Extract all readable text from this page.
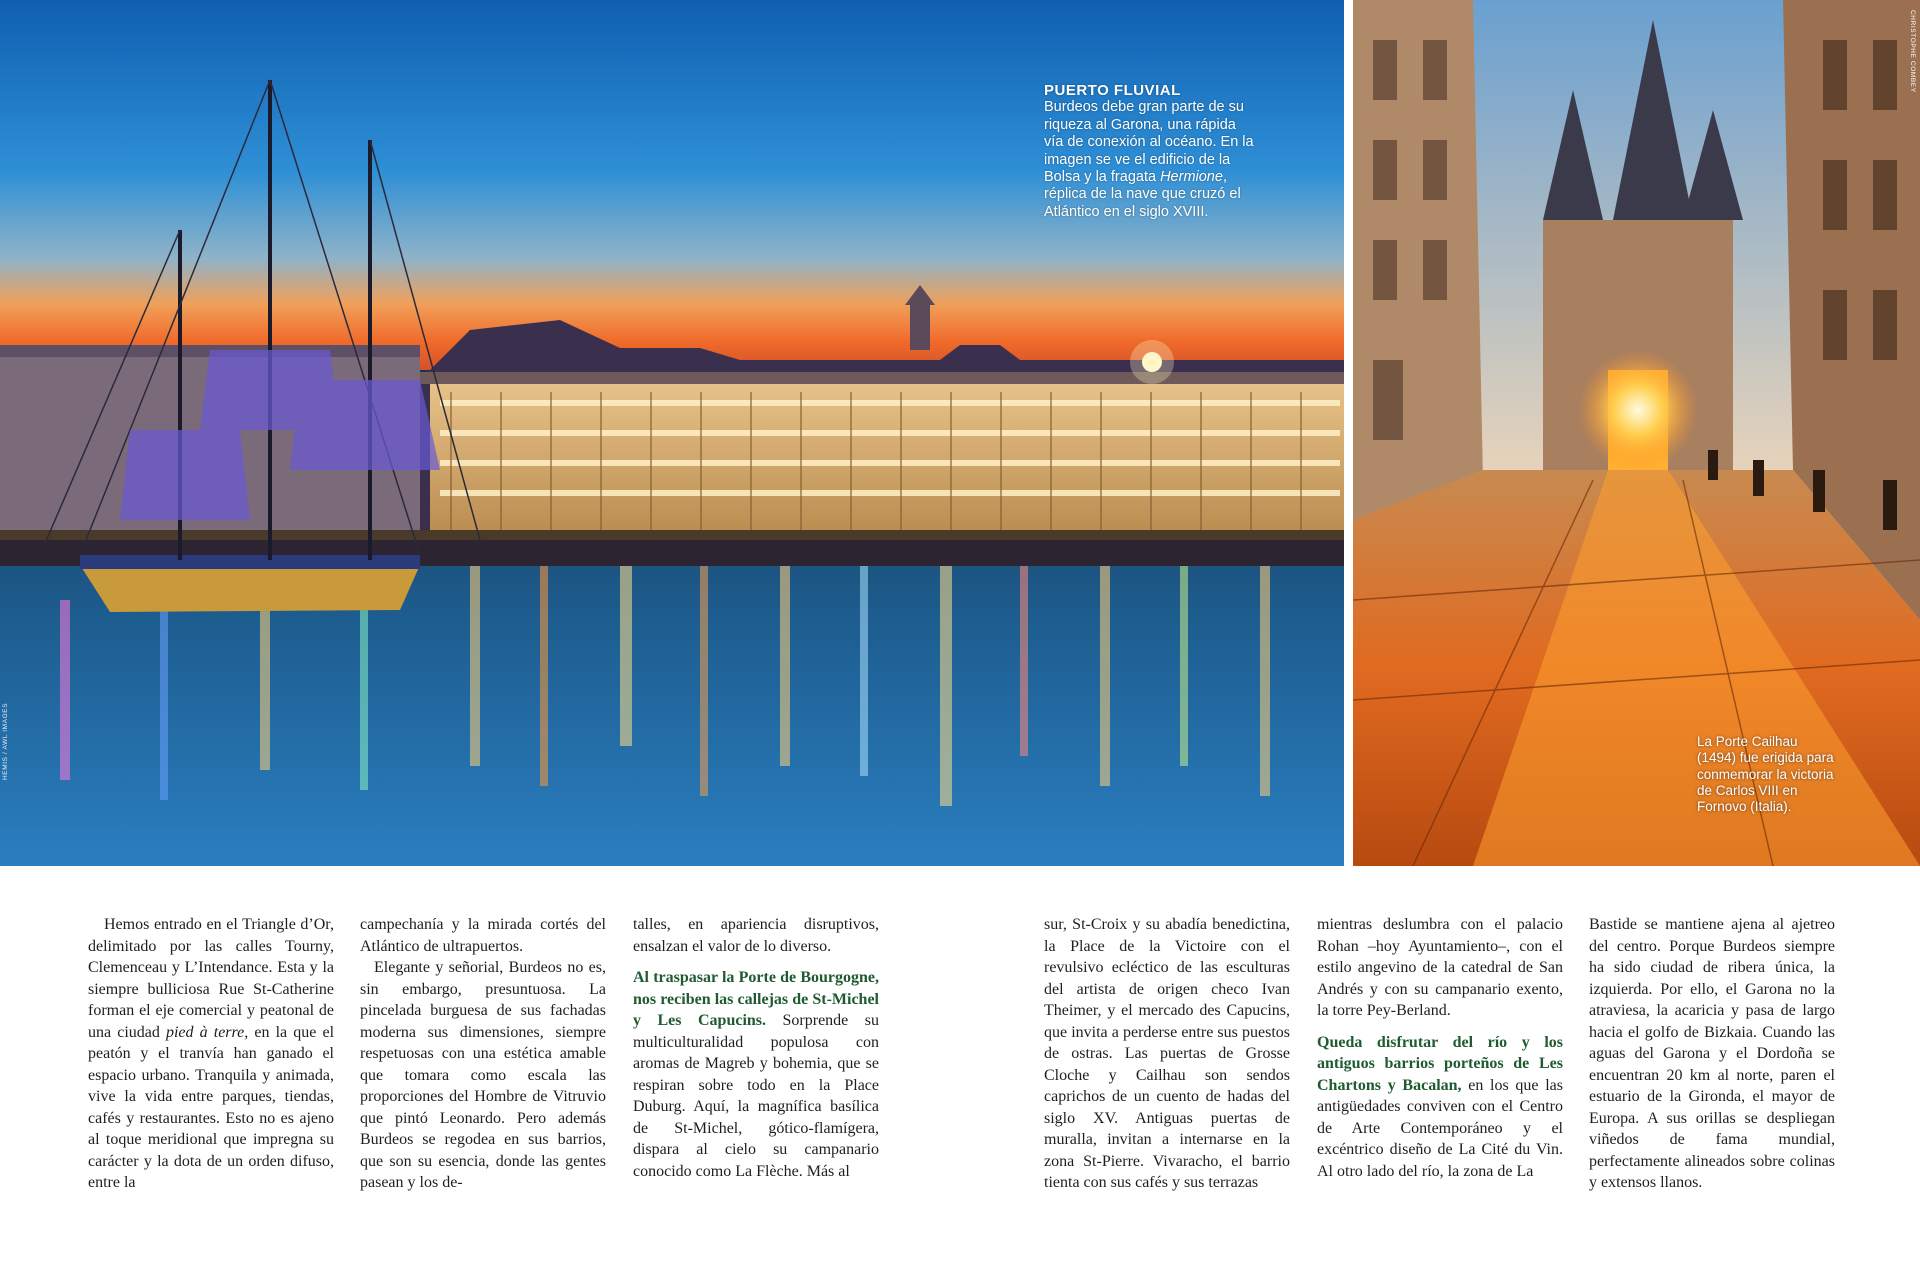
PUERTO FLUVIAL
Burdeos debe gran parte de su riqueza al Garona, una rápida vía de conexión al océano. En la imagen se ve el edificio de la Bolsa y la fragata Hermione, réplica de la nave que cruzó el Atlántico en el siglo XVIII.
HEMIS / AWL IMAGES	La Porte Cailhau (1494) fue erigida para conmemorar la victoria de Carlos VIII en Fornovo (Italia).
CHRISTOPHE COMBEY

Hemos entrado en el Triangle d’Or, delimitado por las calles Tourny, Clemenceau y L’Intendance. Esta y la siempre bulliciosa Rue St-Catherine forman el eje comercial y peatonal de una ciudad pied à terre, en la que el peatón y el tranvía han ganado el espacio urbano. Tranquila y animada, vive la vida entre parques, tiendas, cafés y restaurantes. Esto no es ajeno al toque meridional que impregna su carácter y la dota de un orden difuso, entre la

campechanía y la mirada cortés del Atlántico de ultrapuertos.

Elegante y señorial, Burdeos no es, sin embargo, presuntuosa. La pincelada burguesa de sus fachadas moderna sus dimensiones, siempre respetuosas con una estética amable que tomara como escala las proporciones del Hombre de Vitruvio que pintó Leonardo. Pero además Burdeos se regodea en sus barrios, que son su esencia, donde las gentes pasean y los de-

talles, en apariencia disruptivos, ensalzan el valor de lo diverso.

Al traspasar la Porte de Bourgogne, nos reciben las callejas de St-Michel y Les Capucins. Sorprende su multiculturalidad populosa con aromas de Magreb y bohemia, que se respiran sobre todo en la Place Duburg. Aquí, la magnífica basílica de St-Michel, gótico-flamígera, dispara al cielo su campanario conocido como La Flèche. Más al

sur, St-Croix y su abadía benedictina, la Place de la Victoire con el revulsivo ecléctico de las esculturas del artista de origen checo Ivan Theimer, y el mercado des Capucins, que invita a perderse entre sus puestos de ostras. Las puertas de Grosse Cloche y Cailhau son sendos caprichos de un cuento de hadas del siglo XV. Antiguas puertas de muralla, invitan a internarse en la zona St-Pierre. Vivaracho, el barrio tienta con sus cafés y sus terrazas

mientras deslumbra con el palacio Rohan –hoy Ayuntamiento–, con el estilo angevino de la catedral de San Andrés y con su campanario exento, la torre Pey-Berland.

Queda disfrutar del río y los antiguos barrios porteños de Les Chartons y Bacalan, en los que las antigüedades conviven con el Centro de Arte Contemporáneo y el excéntrico diseño de La Cité du Vin. Al otro lado del río, la zona de La

Bastide se mantiene ajena al ajetreo del centro. Porque Burdeos siempre ha sido ciudad de ribera única, la izquierda. Por ello, el Garona no la atraviesa, la acaricia y pasa de largo hacia el golfo de Bizkaia. Cuando las aguas del Garona y el Dordoña se encuentran 20 km al norte, paren el estuario de la Gironda, el mayor de Europa. A sus orillas se despliegan viñedos de fama mundial, perfectamente alineados sobre colinas y extensos llanos.
